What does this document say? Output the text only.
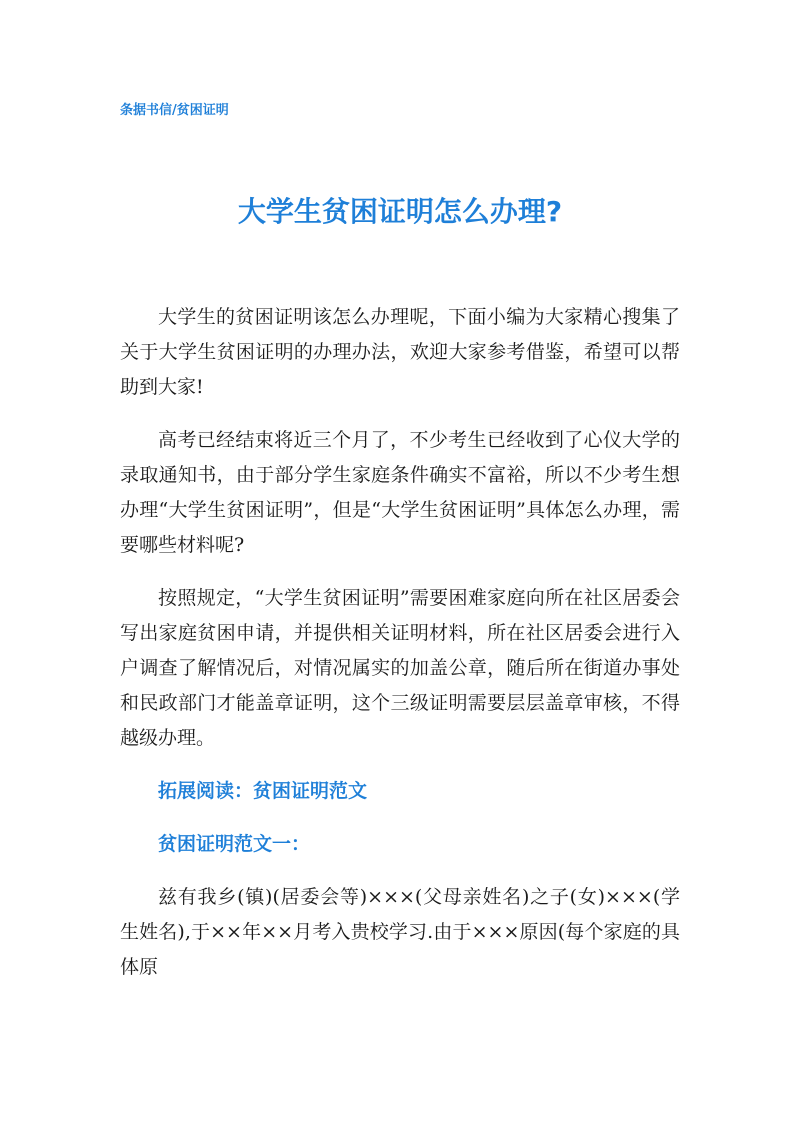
条据书信/贫困证明
大学生贫困证明怎么办理?

大学生的贫困证明该怎么办理呢，下面小编为大家精心搜集了关于大学生贫困证明的办理办法，欢迎大家参考借鉴，希望可以帮助到大家!

高考已经结束将近三个月了，不少考生已经收到了心仪大学的录取通知书，由于部分学生家庭条件确实不富裕，所以不少考生想办理“大学生贫困证明”，但是“大学生贫困证明”具体怎么办理，需要哪些材料呢?

按照规定，“大学生贫困证明”需要困难家庭向所在社区居委会写出家庭贫困申请，并提供相关证明材料，所在社区居委会进行入户调查了解情况后，对情况属实的加盖公章，随后所在街道办事处和民政部门才能盖章证明，这个三级证明需要层层盖章审核，不得越级办理。

拓展阅读：贫困证明范文
贫困证明范文一：

兹有我乡(镇)(居委会等)×××(父母亲姓名)之子(女)×××(学生姓名),于××年××月考入贵校学习.由于×××原因(每个家庭的具体原
